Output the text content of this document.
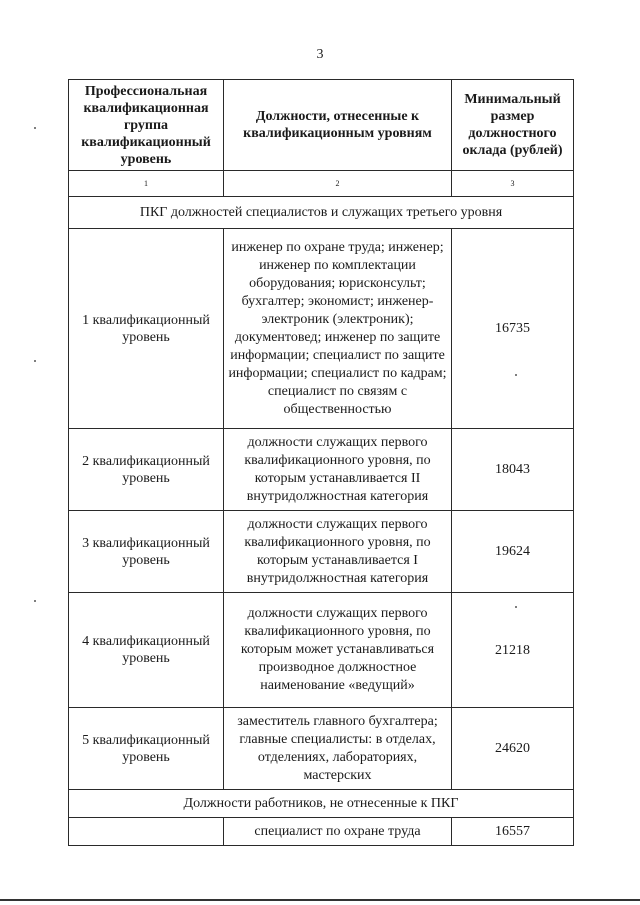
3
Профессиональная квалификационная группа квалификационный уровень	Должности, отнесенные к квалификационным уровням	Минимальный размер должностного оклада (рублей)
1	2	3
ПКГ должностей специалистов и служащих третьего уровня		
1 квалификационный уровень	инженер по охране труда; инженер; инженер по комплектации оборудования; юрисконсульт; бухгалтер; экономист; инженер-электроник (электроник); документовед; инженер по защите информации; специалист по защите информации; специалист по кадрам; специалист по связям с общественностью	16735
2 квалификационный уровень	должности служащих первого квалификационного уровня, по которым устанавливается II внутридолжностная категория	18043
3 квалификационный уровень	должности служащих первого квалификационного уровня, по которым устанавливается I внутридолжностная категория	19624
4 квалификационный уровень	должности служащих первого квалификационного уровня, по которым может устанавливаться производное должностное наименование «ведущий»	21218
5 квалификационный уровень	заместитель главного бухгалтера; главные специалисты: в отделах, отделениях, лабораториях, мастерских	24620
Должности работников, не отнесенные к ПКГ		
	специалист по охране труда	16557
